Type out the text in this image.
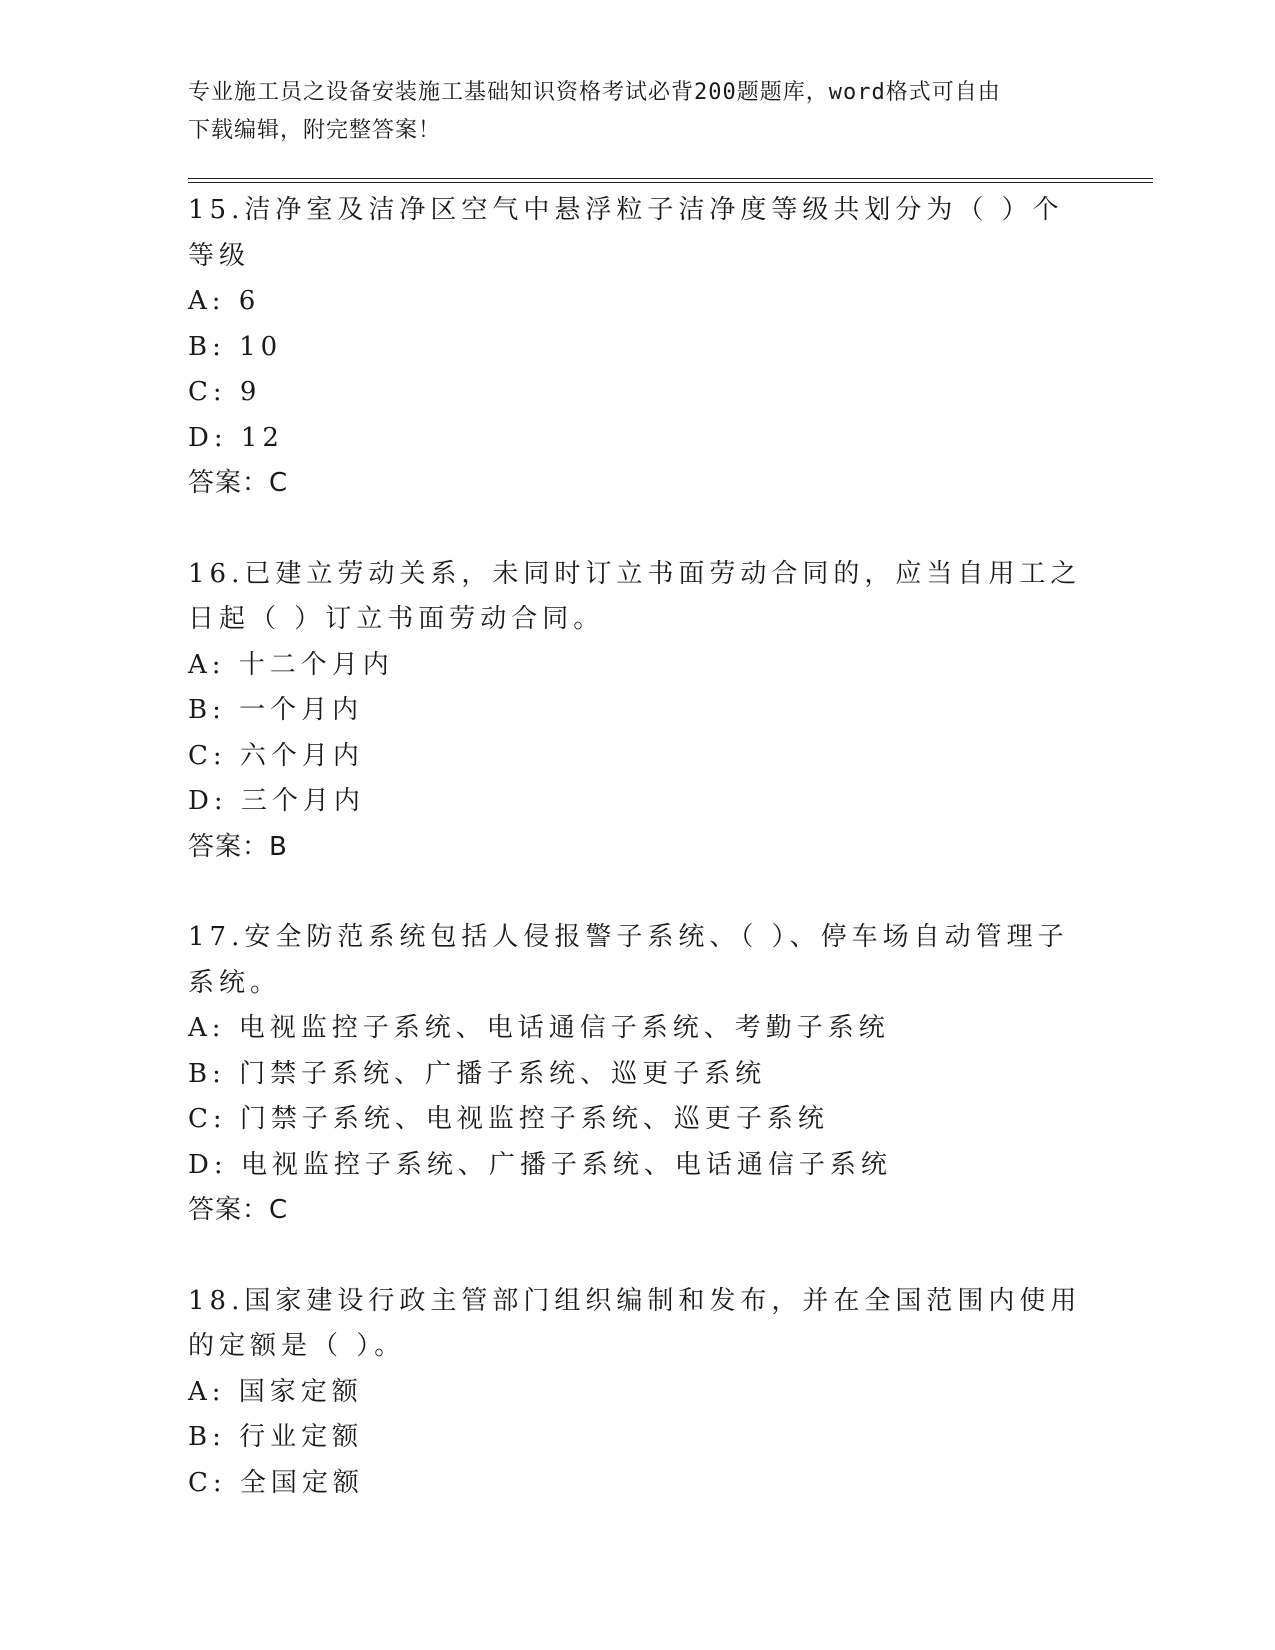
专业施工员之设备安装施工基础知识资格考试必背200题题库，word格式可自由
下载编辑，附完整答案！
15.洁净室及洁净区空气中悬浮粒子洁净度等级共划分为（ ）个等级
A: 6
B: 10
C: 9
D: 12
答案：C
16.已建立劳动关系，未同时订立书面劳动合同的，应当自用工之日起（ ）订立书面劳动合同。
A: 十二个月内
B: 一个月内
C: 六个月内
D: 三个月内
答案：B
17.安全防范系统包括人侵报警子系统、（ ）、停车场自动管理子系统。
A: 电视监控子系统、电话通信子系统、考勤子系统
B: 门禁子系统、广播子系统、巡更子系统
C: 门禁子系统、电视监控子系统、巡更子系统
D: 电视监控子系统、广播子系统、电话通信子系统
答案：C
18.国家建设行政主管部门组织编制和发布，并在全国范围内使用的定额是（ ）。
A: 国家定额
B: 行业定额
C: 全国定额
